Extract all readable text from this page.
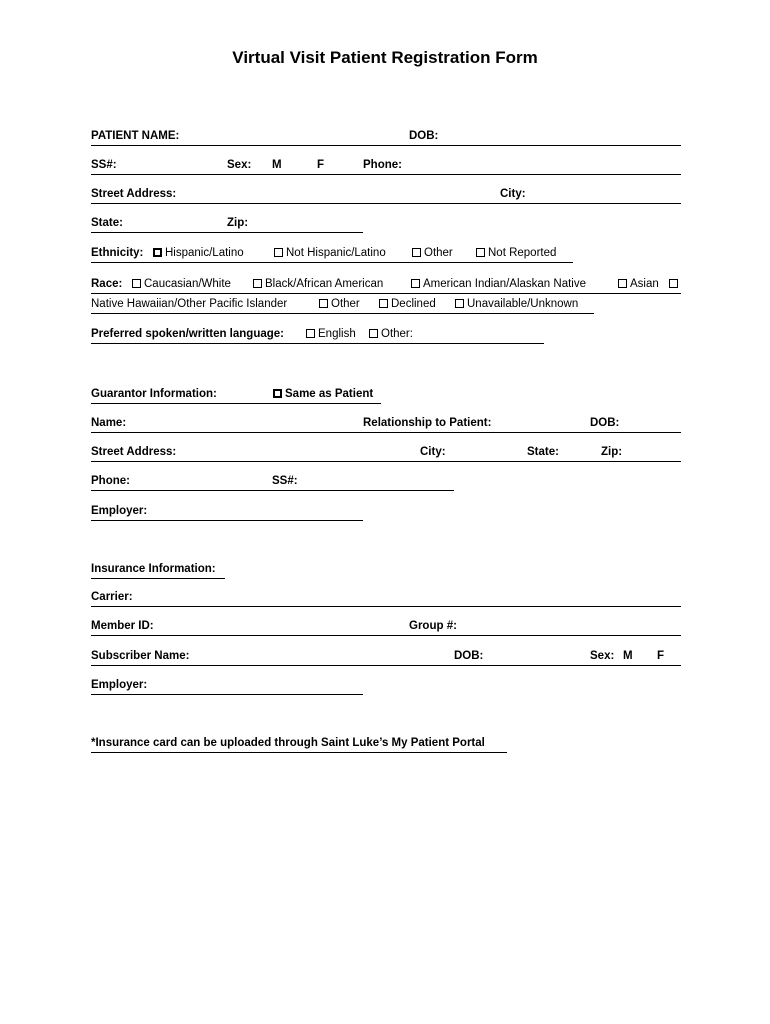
Virtual Visit Patient Registration Form
PATIENT NAME:	DOB:
SS#:	Sex: M	F	Phone:
Street Address:	City:
State:	Zip:
Ethnicity:	Hispanic/Latino	Not Hispanic/Latino	Other	Not Reported
Race:	Caucasian/White	Black/African American	American Indian/Alaskan Native	Asian
Native Hawaiian/Other Pacific Islander	Other	Declined	Unavailable/Unknown
Preferred spoken/written language:	English	Other:
Guarantor Information:	Same as Patient
Name:	Relationship to Patient:	DOB:
Street Address:	City:	State:	Zip:
Phone:	SS#:
Employer:
Insurance Information:
Carrier:
Member ID:	Group #:
Subscriber Name:	DOB:	Sex: M F
Employer:
*Insurance card can be uploaded through Saint Luke’s My Patient Portal
